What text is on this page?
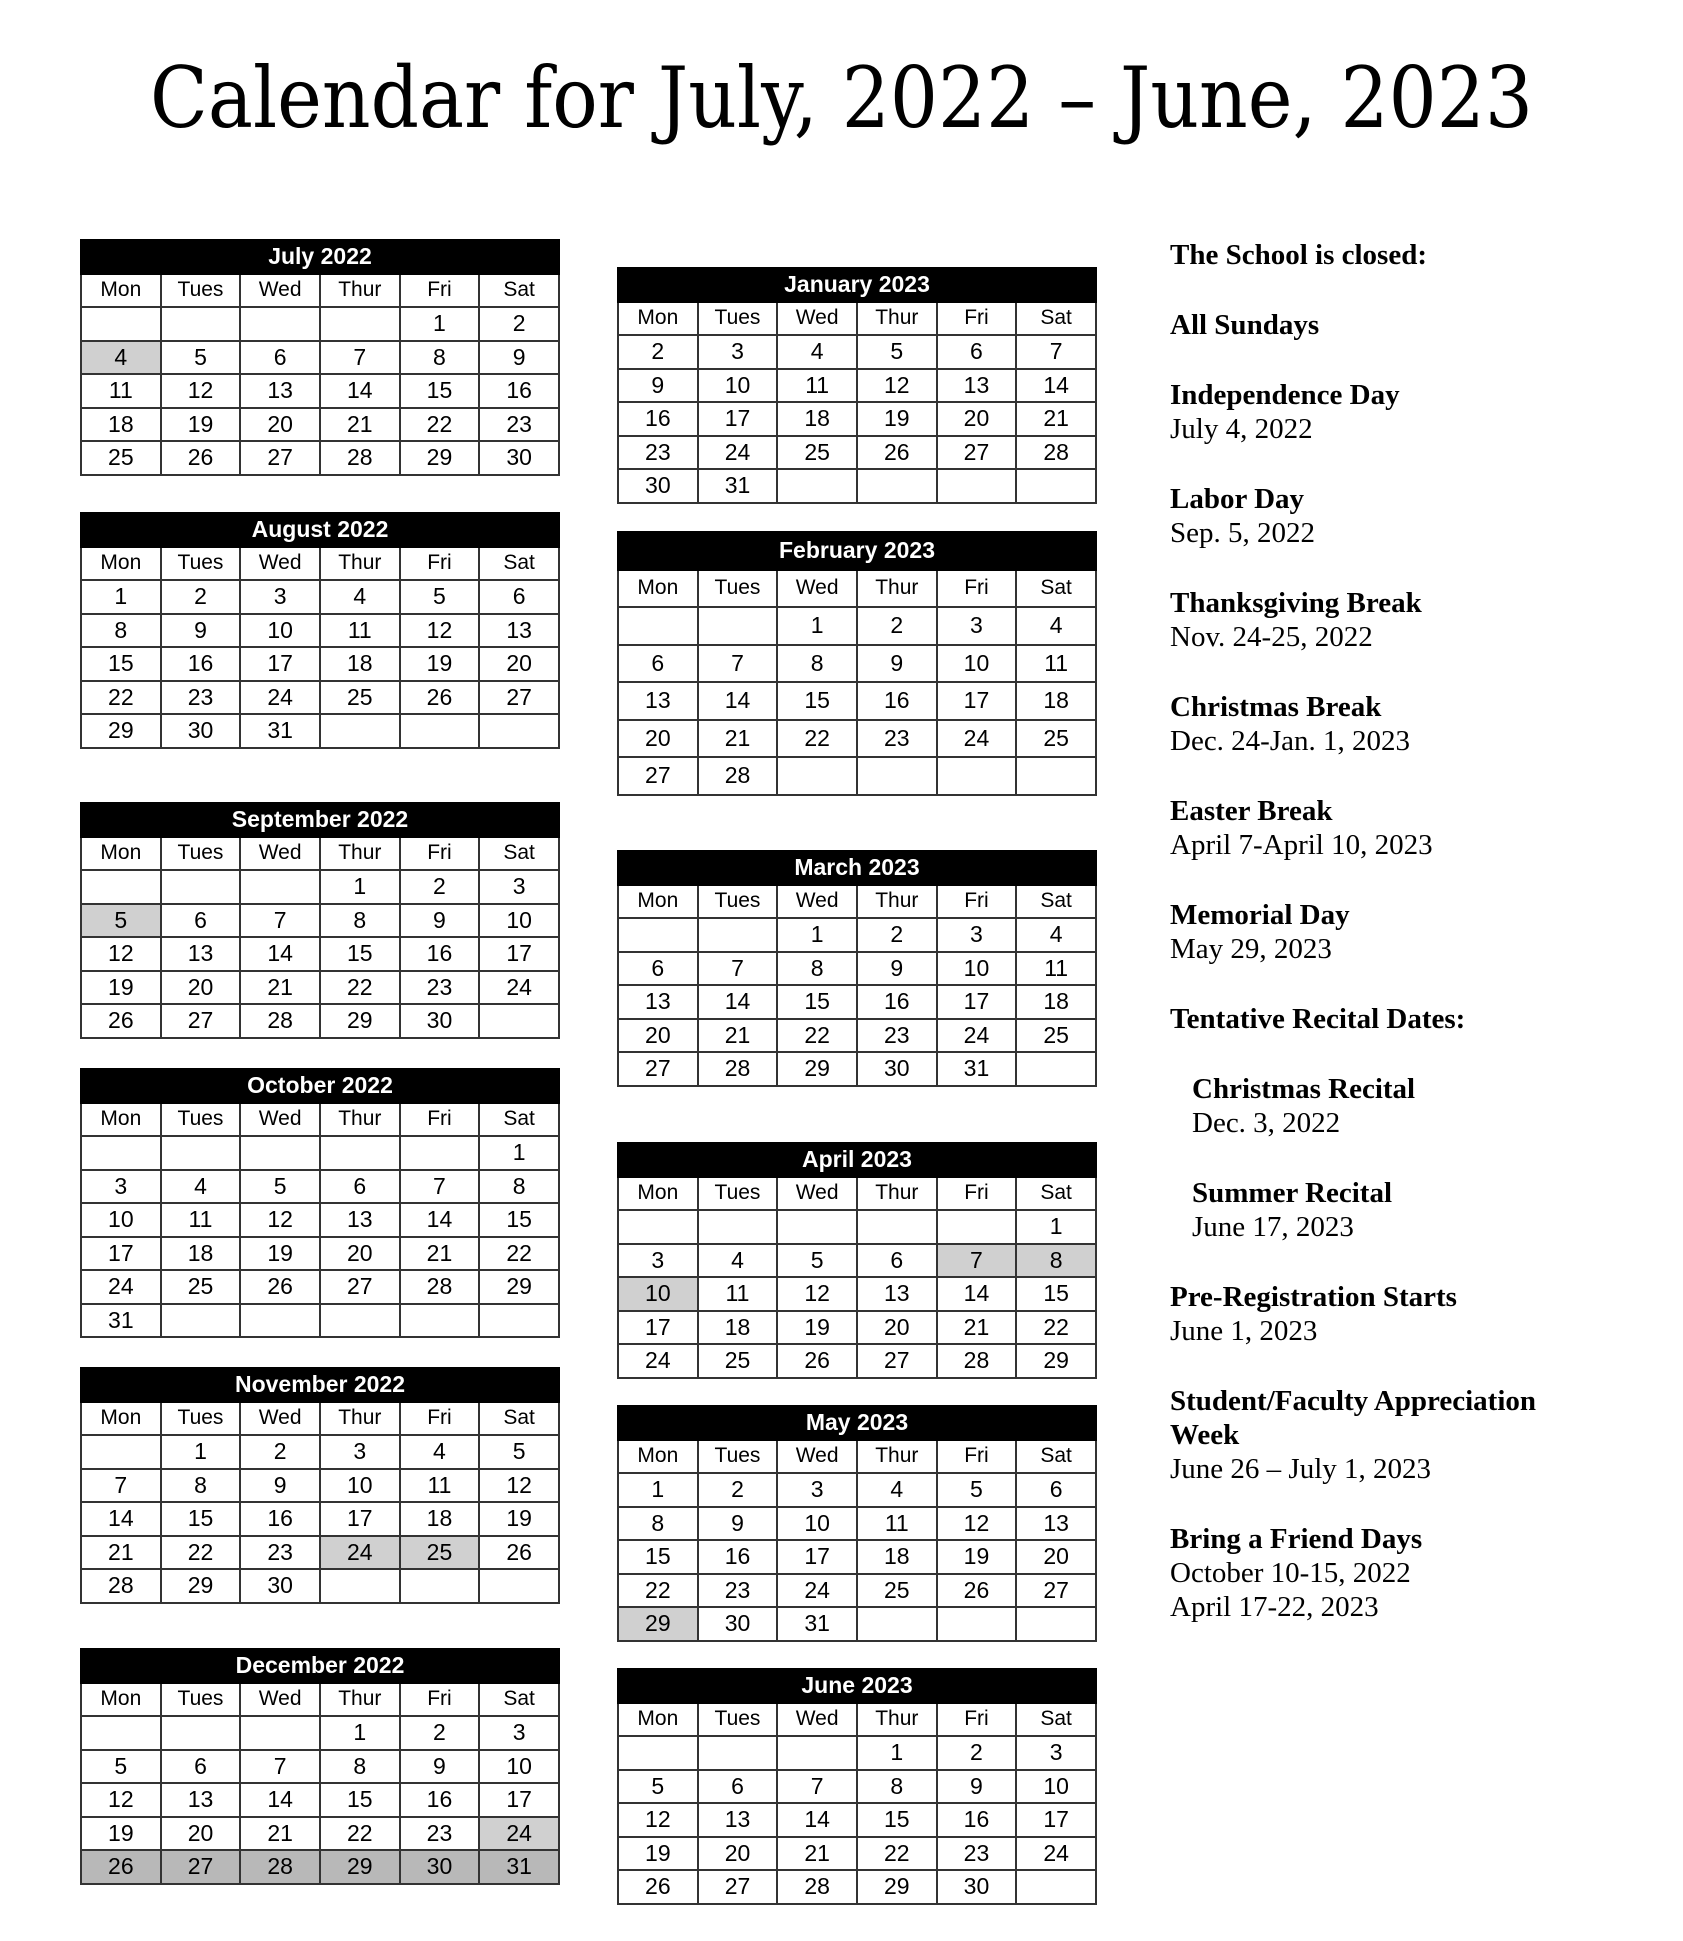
Calendar for July, 2022 – June, 2023
July 2022					
Mon	Tues	Wed	Thur	Fri	Sat
				1	2
4	5	6	7	8	9
11	12	13	14	15	16
18	19	20	21	22	23
25	26	27	28	29	30
August 2022					
Mon	Tues	Wed	Thur	Fri	Sat
1	2	3	4	5	6
8	9	10	11	12	13
15	16	17	18	19	20
22	23	24	25	26	27
29	30	31			
September 2022					
Mon	Tues	Wed	Thur	Fri	Sat
			1	2	3
5	6	7	8	9	10
12	13	14	15	16	17
19	20	21	22	23	24
26	27	28	29	30	
October 2022					
Mon	Tues	Wed	Thur	Fri	Sat
					1
3	4	5	6	7	8
10	11	12	13	14	15
17	18	19	20	21	22
24	25	26	27	28	29
31					
November 2022					
Mon	Tues	Wed	Thur	Fri	Sat
	1	2	3	4	5
7	8	9	10	11	12
14	15	16	17	18	19
21	22	23	24	25	26
28	29	30			
December 2022					
Mon	Tues	Wed	Thur	Fri	Sat
			1	2	3
5	6	7	8	9	10
12	13	14	15	16	17
19	20	21	22	23	24
26	27	28	29	30	31
January 2023					
Mon	Tues	Wed	Thur	Fri	Sat
2	3	4	5	6	7
9	10	11	12	13	14
16	17	18	19	20	21
23	24	25	26	27	28
30	31				
February 2023					
Mon	Tues	Wed	Thur	Fri	Sat
		1	2	3	4
6	7	8	9	10	11
13	14	15	16	17	18
20	21	22	23	24	25
27	28				
March 2023					
Mon	Tues	Wed	Thur	Fri	Sat
		1	2	3	4
6	7	8	9	10	11
13	14	15	16	17	18
20	21	22	23	24	25
27	28	29	30	31	
April 2023					
Mon	Tues	Wed	Thur	Fri	Sat
					1
3	4	5	6	7	8
10	11	12	13	14	15
17	18	19	20	21	22
24	25	26	27	28	29
May 2023					
Mon	Tues	Wed	Thur	Fri	Sat
1	2	3	4	5	6
8	9	10	11	12	13
15	16	17	18	19	20
22	23	24	25	26	27
29	30	31			
June 2023					
Mon	Tues	Wed	Thur	Fri	Sat
			1	2	3
5	6	7	8	9	10
12	13	14	15	16	17
19	20	21	22	23	24
26	27	28	29	30	
The School is closed:
All Sundays
Independence Day
July 4, 2022
Labor Day
Sep. 5, 2022
Thanksgiving Break
Nov. 24-25, 2022
Christmas Break
Dec. 24-Jan. 1, 2023
Easter Break
April 7-April 10, 2023
Memorial Day
May 29, 2023
Tentative Recital Dates:
Christmas Recital
Dec. 3, 2022
Summer Recital
June 17, 2023
Pre-Registration Starts
June 1, 2023
Student/Faculty Appreciation
Week
June 26 – July 1, 2023
Bring a Friend Days
October 10-15, 2022
April 17-22, 2023
